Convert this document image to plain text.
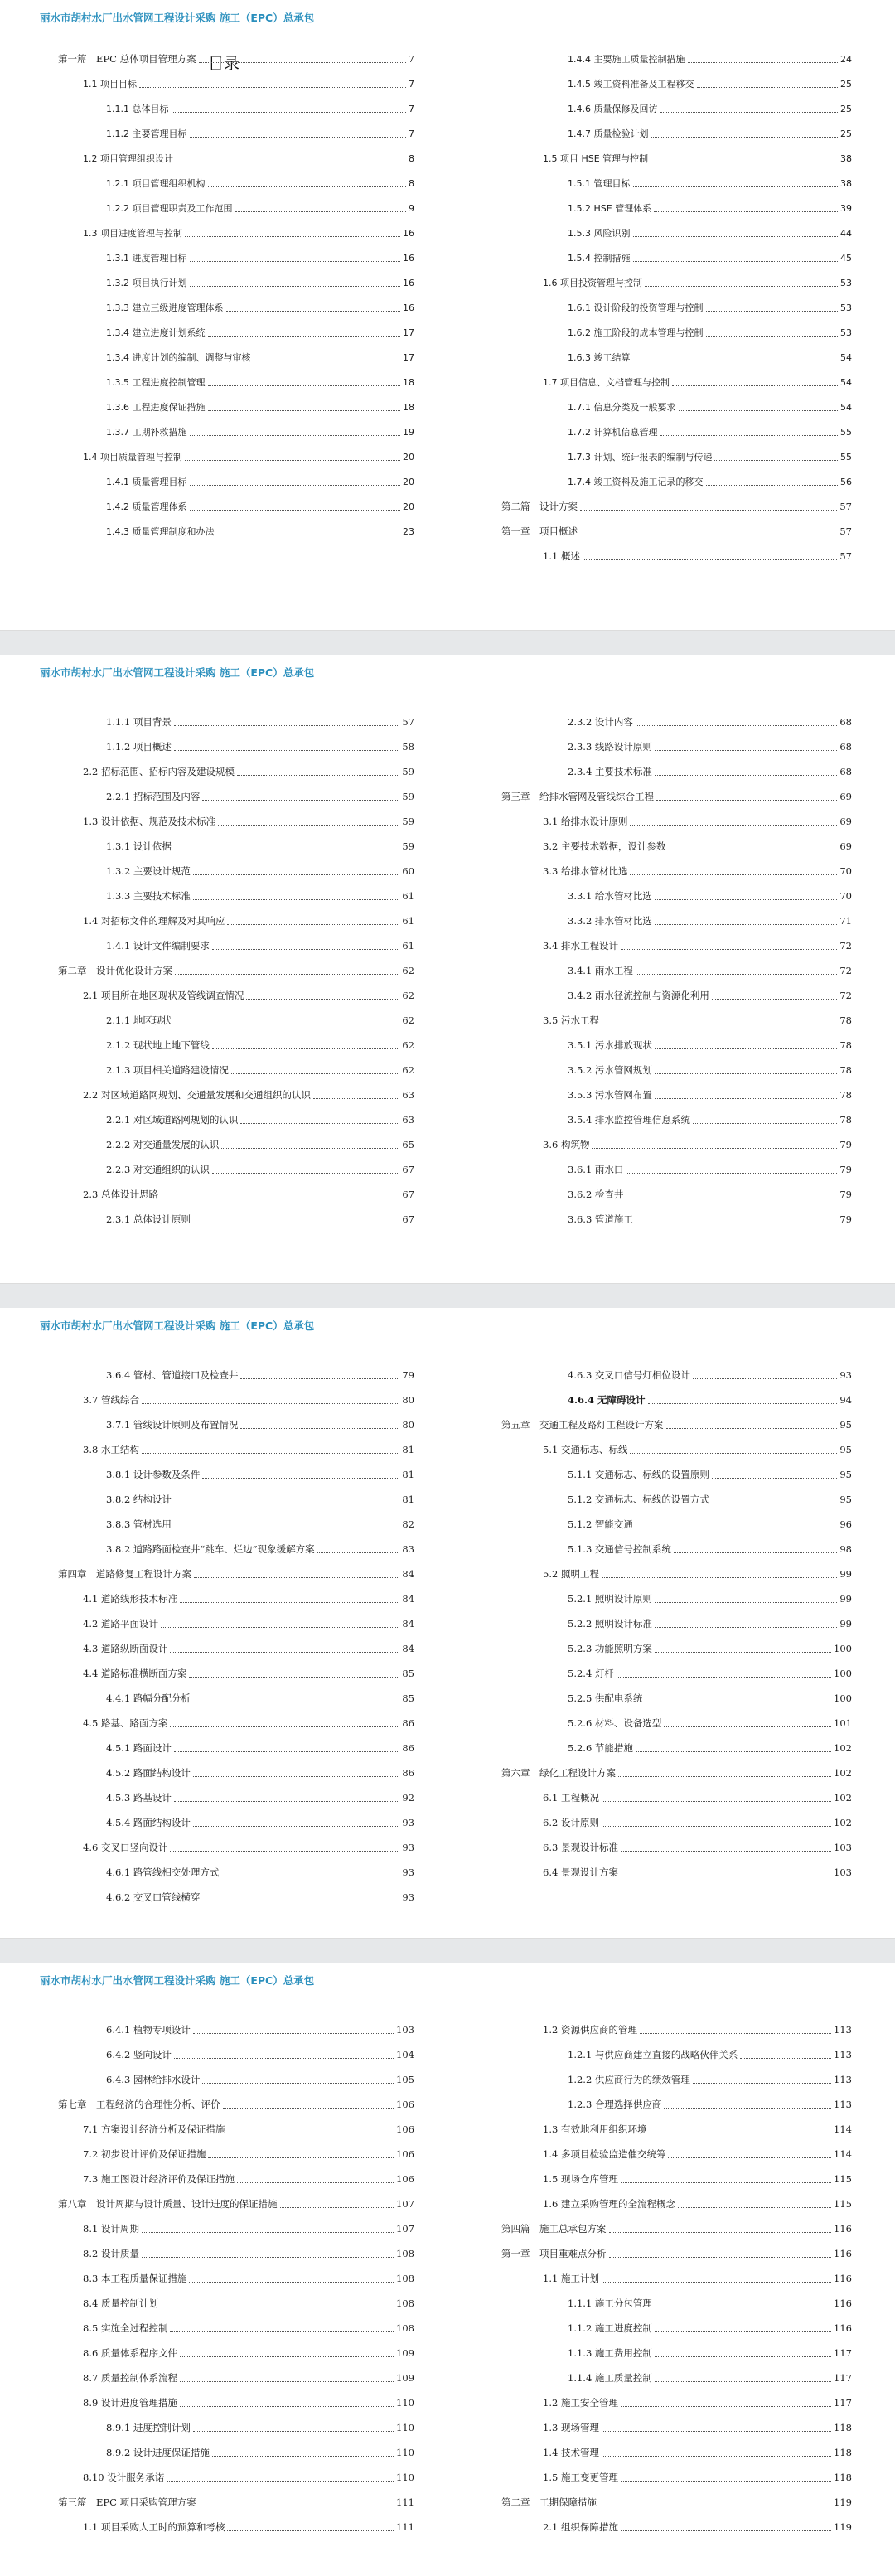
丽水市胡村水厂出水管网工程设计采购 施工（EPC）总承包
目录
第一篇　EPC 总体项目管理方案	7
1.1 项目目标	7
1.1.1 总体目标	7
1.1.2 主要管理目标	7
1.2 项目管理组织设计	8
1.2.1 项目管理组织机构	8
1.2.2 项目管理职责及工作范围	9
1.3 项目进度管理与控制	16
1.3.1 进度管理目标	16
1.3.2 项目执行计划	16
1.3.3 建立三级进度管理体系	16
1.3.4 建立进度计划系统	17
1.3.4 进度计划的编制、调整与审核	17
1.3.5 工程进度控制管理	18
1.3.6 工程进度保证措施	18
1.3.7 工期补救措施	19
1.4 项目质量管理与控制	20
1.4.1 质量管理目标	20
1.4.2 质量管理体系	20
1.4.3 质量管理制度和办法	23
1.4.4 主要施工质量控制措施	24
1.4.5 竣工资料准备及工程移交	25
1.4.6 质量保修及回访	25
1.4.7 质量检验计划	25
1.5 项目 HSE 管理与控制	38
1.5.1 管理目标	38
1.5.2 HSE 管理体系	39
1.5.3 风险识别	44
1.5.4 控制措施	45
1.6 项目投资管理与控制	53
1.6.1 设计阶段的投资管理与控制	53
1.6.2 施工阶段的成本管理与控制	53
1.6.3 竣工结算	54
1.7 项目信息、文档管理与控制	54
1.7.1 信息分类及一般要求	54
1.7.2 计算机信息管理	55
1.7.3 计划、统计报表的编制与传递	55
1.7.4 竣工资料及施工记录的移交	56
第二篇　设计方案	57
第一章　项目概述	57
1.1 概述	57
丽水市胡村水厂出水管网工程设计采购 施工（EPC）总承包
1.1.1 项目背景	57
1.1.2 项目概述	58
2.2 招标范围、招标内容及建设规模	59
2.2.1 招标范围及内容	59
1.3 设计依据、规范及技术标准	59
1.3.1 设计依据	59
1.3.2 主要设计规范	60
1.3.3 主要技术标准	61
1.4 对招标文件的理解及对其响应	61
1.4.1 设计文件编制要求	61
第二章　设计优化设计方案	62
2.1 项目所在地区现状及管线调查情况	62
2.1.1 地区现状	62
2.1.2 现状地上地下管线	62
2.1.3 项目相关道路建设情况	62
2.2 对区域道路网规划、交通量发展和交通组织的认识	63
2.2.1 对区域道路网规划的认识	63
2.2.2 对交通量发展的认识	65
2.2.3 对交通组织的认识	67
2.3 总体设计思路	67
2.3.1 总体设计原则	67
2.3.2 设计内容	68
2.3.3 线路设计原则	68
2.3.4 主要技术标准	68
第三章　给排水管网及管线综合工程	69
3.1 给排水设计原则	69
3.2 主要技术数据，设计参数	69
3.3 给排水管材比选	70
3.3.1 给水管材比选	70
3.3.2 排水管材比选	71
3.4 排水工程设计	72
3.4.1 雨水工程	72
3.4.2 雨水径流控制与资源化利用	72
3.5 污水工程	78
3.5.1 污水排放现状	78
3.5.2 污水管网规划	78
3.5.3 污水管网布置	78
3.5.4 排水监控管理信息系统	78
3.6 构筑物	79
3.6.1 雨水口	79
3.6.2 检查井	79
3.6.3 管道施工	79
丽水市胡村水厂出水管网工程设计采购 施工（EPC）总承包
3.6.4 管材、管道接口及检查井	79
3.7 管线综合	80
3.7.1 管线设计原则及布置情况	80
3.8 水工结构	81
3.8.1 设计参数及条件	81
3.8.2 结构设计	81
3.8.3 管材选用	82
3.8.2 道路路面检查井“跳车、烂边”现象缓解方案	83
第四章　道路修复工程设计方案	84
4.1 道路线形技术标准	84
4.2 道路平面设计	84
4.3 道路纵断面设计	84
4.4 道路标准横断面方案	85
4.4.1 路幅分配分析	85
4.5 路基、路面方案	86
4.5.1 路面设计	86
4.5.2 路面结构设计	86
4.5.3 路基设计	92
4.5.4 路面结构设计	93
4.6 交叉口竖向设计	93
4.6.1 路管线相交处理方式	93
4.6.2 交叉口管线横穿	93
4.6.3 交叉口信号灯相位设计	93
4.6.4 无障碍设计	94
第五章　交通工程及路灯工程设计方案	95
5.1 交通标志、标线	95
5.1.1 交通标志、标线的设置原则	95
5.1.2 交通标志、标线的设置方式	95
5.1.2 智能交通	96
5.1.3 交通信号控制系统	98
5.2 照明工程	99
5.2.1 照明设计原则	99
5.2.2 照明设计标准	99
5.2.3 功能照明方案	100
5.2.4 灯杆	100
5.2.5 供配电系统	100
5.2.6 材料、设备选型	101
5.2.6 节能措施	102
第六章　绿化工程设计方案	102
6.1 工程概况	102
6.2 设计原则	102
6.3 景观设计标准	103
6.4 景观设计方案	103
丽水市胡村水厂出水管网工程设计采购 施工（EPC）总承包
6.4.1 植物专项设计	103
6.4.2 竖向设计	104
6.4.3 园林给排水设计	105
第七章　工程经济的合理性分析、评价	106
7.1 方案设计经济分析及保证措施	106
7.2 初步设计评价及保证措施	106
7.3 施工图设计经济评价及保证措施	106
第八章　设计周期与设计质量、设计进度的保证措施	107
8.1 设计周期	107
8.2 设计质量	108
8.3 本工程质量保证措施	108
8.4 质量控制计划	108
8.5 实施全过程控制	108
8.6 质量体系程序文件	109
8.7 质量控制体系流程	109
8.9 设计进度管理措施	110
8.9.1 进度控制计划	110
8.9.2 设计进度保证措施	110
8.10 设计服务承诺	110
第三篇　EPC 项目采购管理方案	111
1.1 项目采购人工时的预算和考核	111
1.2 资源供应商的管理	113
1.2.1 与供应商建立直接的战略伙伴关系	113
1.2.2 供应商行为的绩效管理	113
1.2.3 合理选择供应商	113
1.3 有效地利用组织环境	114
1.4 多项目检验监造催交统筹	114
1.5 现场仓库管理	115
1.6 建立采购管理的全流程概念	115
第四篇　施工总承包方案	116
第一章　项目重难点分析	116
1.1 施工计划	116
1.1.1 施工分包管理	116
1.1.2 施工进度控制	116
1.1.3 施工费用控制	117
1.1.4 施工质量控制	117
1.2 施工安全管理	117
1.3 现场管理	118
1.4 技术管理	118
1.5 施工变更管理	118
第二章　工期保障措施	119
2.1 组织保障措施	119
